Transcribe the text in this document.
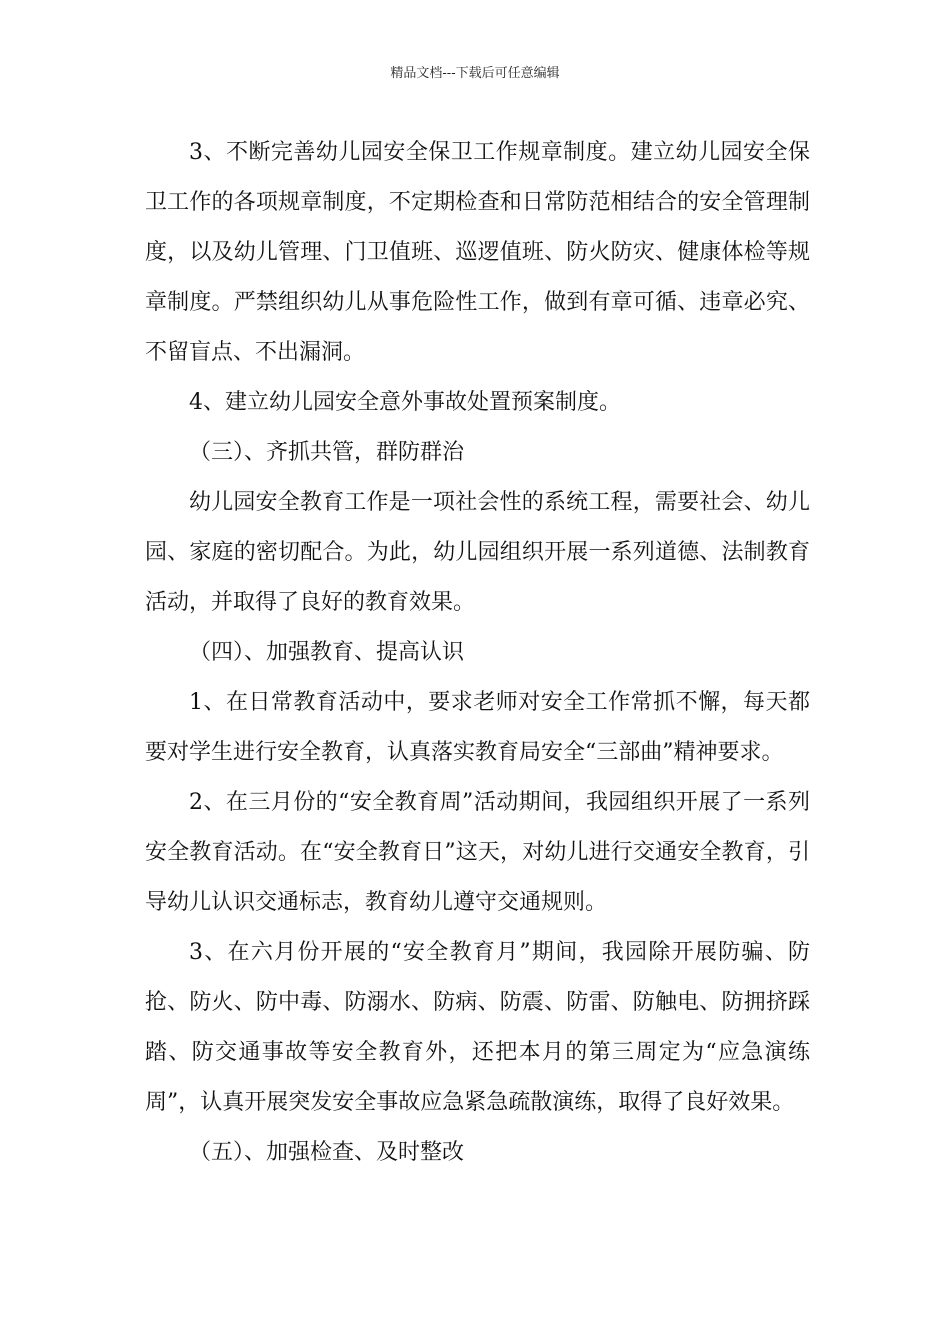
精品文档---下载后可任意编辑

3、不断完善幼儿园安全保卫工作规章制度。建立幼儿园安全保卫工作的各项规章制度，不定期检查和日常防范相结合的安全管理制度，以及幼儿管理、门卫值班、巡逻值班、防火防灾、健康体检等规章制度。严禁组织幼儿从事危险性工作，做到有章可循、违章必究、不留盲点、不出漏洞。

4、建立幼儿园安全意外事故处置预案制度。

（三）、齐抓共管，群防群治

幼儿园安全教育工作是一项社会性的系统工程，需要社会、幼儿园、家庭的密切配合。为此，幼儿园组织开展一系列道德、法制教育活动，并取得了良好的教育效果。

（四）、加强教育、提高认识

1、在日常教育活动中，要求老师对安全工作常抓不懈，每天都要对学生进行安全教育，认真落实教育局安全“三部曲”精神要求。

2、在三月份的“安全教育周”活动期间，我园组织开展了一系列安全教育活动。在“安全教育日”这天，对幼儿进行交通安全教育，引导幼儿认识交通标志，教育幼儿遵守交通规则。

3、在六月份开展的“安全教育月”期间，我园除开展防骗、防抢、防火、防中毒、防溺水、防病、防震、防雷、防触电、防拥挤踩踏、防交通事故等安全教育外，还把本月的第三周定为“应急演练周”，认真开展突发安全事故应急紧急疏散演练，取得了良好效果。

（五）、加强检查、及时整改
